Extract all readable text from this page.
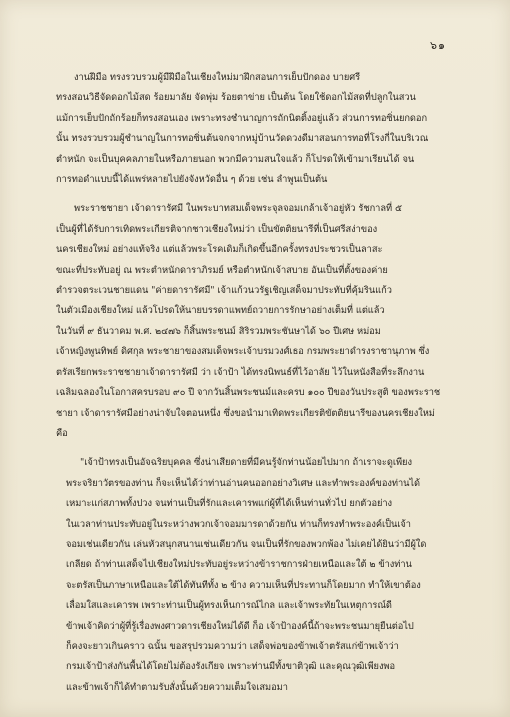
๖๑
งานฝีมือ ทรงรวบรวมผู้มีฝีมือในเชียงใหม่มาฝึกสอนการเย็บปักดอง บายศรี
ทรงสอนวิธีจัดดอกไม้สด ร้อยมาลัย จัดพุ่ม ร้อยตาข่าย เป็นต้น โดยใช้ดอกไม้สดที่ปลูกในสวน
แม้การเย็บปักถักร้อยก็ทรงสอนเอง เพราะทรงชำนาญการถักนิตติ้งอยู่แล้ว ส่วนการทอซิ่นยกดอก
นั้น ทรงรวบรวมผู้ชำนาญในการทอซิ่นต้นจกจากหมู่บ้านวัดดวงดีมาสอนการทอที่โรงกี่ในบริเวณ
ตำหนัก จะเป็นบุคคลภายในหรือภายนอก พวกมีความสนใจแล้ว ก็โปรดให้เข้ามาเรียนได้ จน
การทอดำแบบนี้ได้แพร่หลายไปยังจังหวัดอื่น ๆ ด้วย เช่น ลำพูนเป็นต้น
พระราชชายา เจ้าดารารัศมี ในพระบาทสมเด็จพระจุลจอมเกล้าเจ้าอยู่หัว รัชกาลที่ ๕
เป็นผู้ที่ได้รับการเทิดพระเกียรติจากชาวเชียงใหม่ว่า เป็นขัตติยนารีที่เป็นศรีสง่าของ
นครเชียงใหม่ อย่างแท้จริง แต่แล้วพระโรคเดิมก็เกิดขึ้นอีกครั้งทรงประชวรเป็นลาสะ
ขณะที่ประทับอยู่ ณ พระตำหนักดาราภิรมย์ หรือตำหนักเจ้าสบาย อันเป็นที่ตั้งของค่าย
ตำรวจตระเวนชายแดน "ค่ายดารารัศมี" เจ้าแก้วนวรัฐเชิญเสด็จมาประทับที่คุ้มรินแก้ว
ในตัวเมืองเชียงใหม่ แล้วโปรดให้นายบรรดาแพทย์ถวายการรักษาอย่างเต็มที่ แต่แล้ว
ในวันที่ ๙ ธันวาคม พ.ศ. ๒๔๗๖ ก็สิ้นพระชนม์ สิริรวมพระชันษาได้ ๖๐ ปีเศษ หม่อม
เจ้าหญิงพูนทิพย์ ดิศกุล พระชายาของสมเด็จพระเจ้าบรมวงศ์เธอ กรมพระยาดำรงราชานุภาพ ซึ่ง
ตรัสเรียกพระราชชายาเจ้าดารารัศมี ว่า เจ้าป้า ได้ทรงนิพนธ์ที่ไว้อาลัย ไว้ในหนังสือที่ระลึกงาน
เฉลิมฉลองในโอกาสครบรอบ ๙๐ ปี จากวันสิ้นพระชนม์และครบ ๑๐๐ ปีของวันประสูติ ของพระราช
ชายา เจ้าดารารัศมีอย่างน่าจับใจตอนหนึ่ง ซึ่งขอนำมาเทิดพระเกียรติขัตติยนารีของนครเชียงใหม่
คือ
"เจ้าป้าทรงเป็นอัจฉริยบุคคล ซึ่งน่าเสียดายที่มีคนรู้จักท่านน้อยไปมาก ถ้าเราจะดูเพียง
พระจริยาวัตรของท่าน ก็จะเห็นได้ว่าท่านอ่านคนออกอย่างวิเศษ และทำพระองค์ของท่านได้
เหมาะแก่สภาพทั้งปวง จนท่านเป็นที่รักและเคารพแก่ผู้ที่ได้เห็นท่านทั่วไป ยกตัวอย่าง
ในเวลาท่านประทับอยู่ในระหว่างพวกเจ้าจอมมารดาด้วยกัน ท่านก็ทรงทำพระองค์เป็นเจ้า
จอมเช่นเดียวกัน เล่นหัวสนุกสนานเช่นเดียวกัน จนเป็นที่รักของพวกพ้อง ไม่เคยได้ยินว่ามีผู้ใด
เกลียด ถ้าท่านเสด็จไปเชียงใหม่ประทับอยู่ระหว่างข้าราชการฝ่ายเหนือและใต้ ๒ ข้างท่าน
จะตรัสเป็นภาษาเหนือและใต้ได้ทันทีทั้ง ๒ ข้าง ความเห็นที่ประทานก็โดยมาก ทำให้เขาต้อง
เลื่อมใสและเคารพ เพราะท่านเป็นผู้ทรงเห็นการณ์ไกล และเจ้าพระทัยในเหตุการณ์ดี
ข้าพเจ้าคิดว่าผู้ที่รู้เรื่องพงศาวดารเชียงใหม่ได้ดี ก็อ เจ้าป้าองค์นี้ถ้าจะพระชนมายุยืนต่อไป
ก็คงจะยาวเกินคราว ฉนั้น ขอสรุปรวมความว่า เสด็จพ่อของข้าพเจ้าตรัสแก่ข้าพเจ้าว่า
กรมเจ้าป้าส่งกันพื้นได้โดยไม่ต้องรังเกียจ เพราะท่านมีทั้งขาติวุฒิ และคุณวุฒิเพียงพอ
และข้าพเจ้าก็ได้ทำตามรับสั่งนั้นด้วยความเต็มใจเสมอมา
